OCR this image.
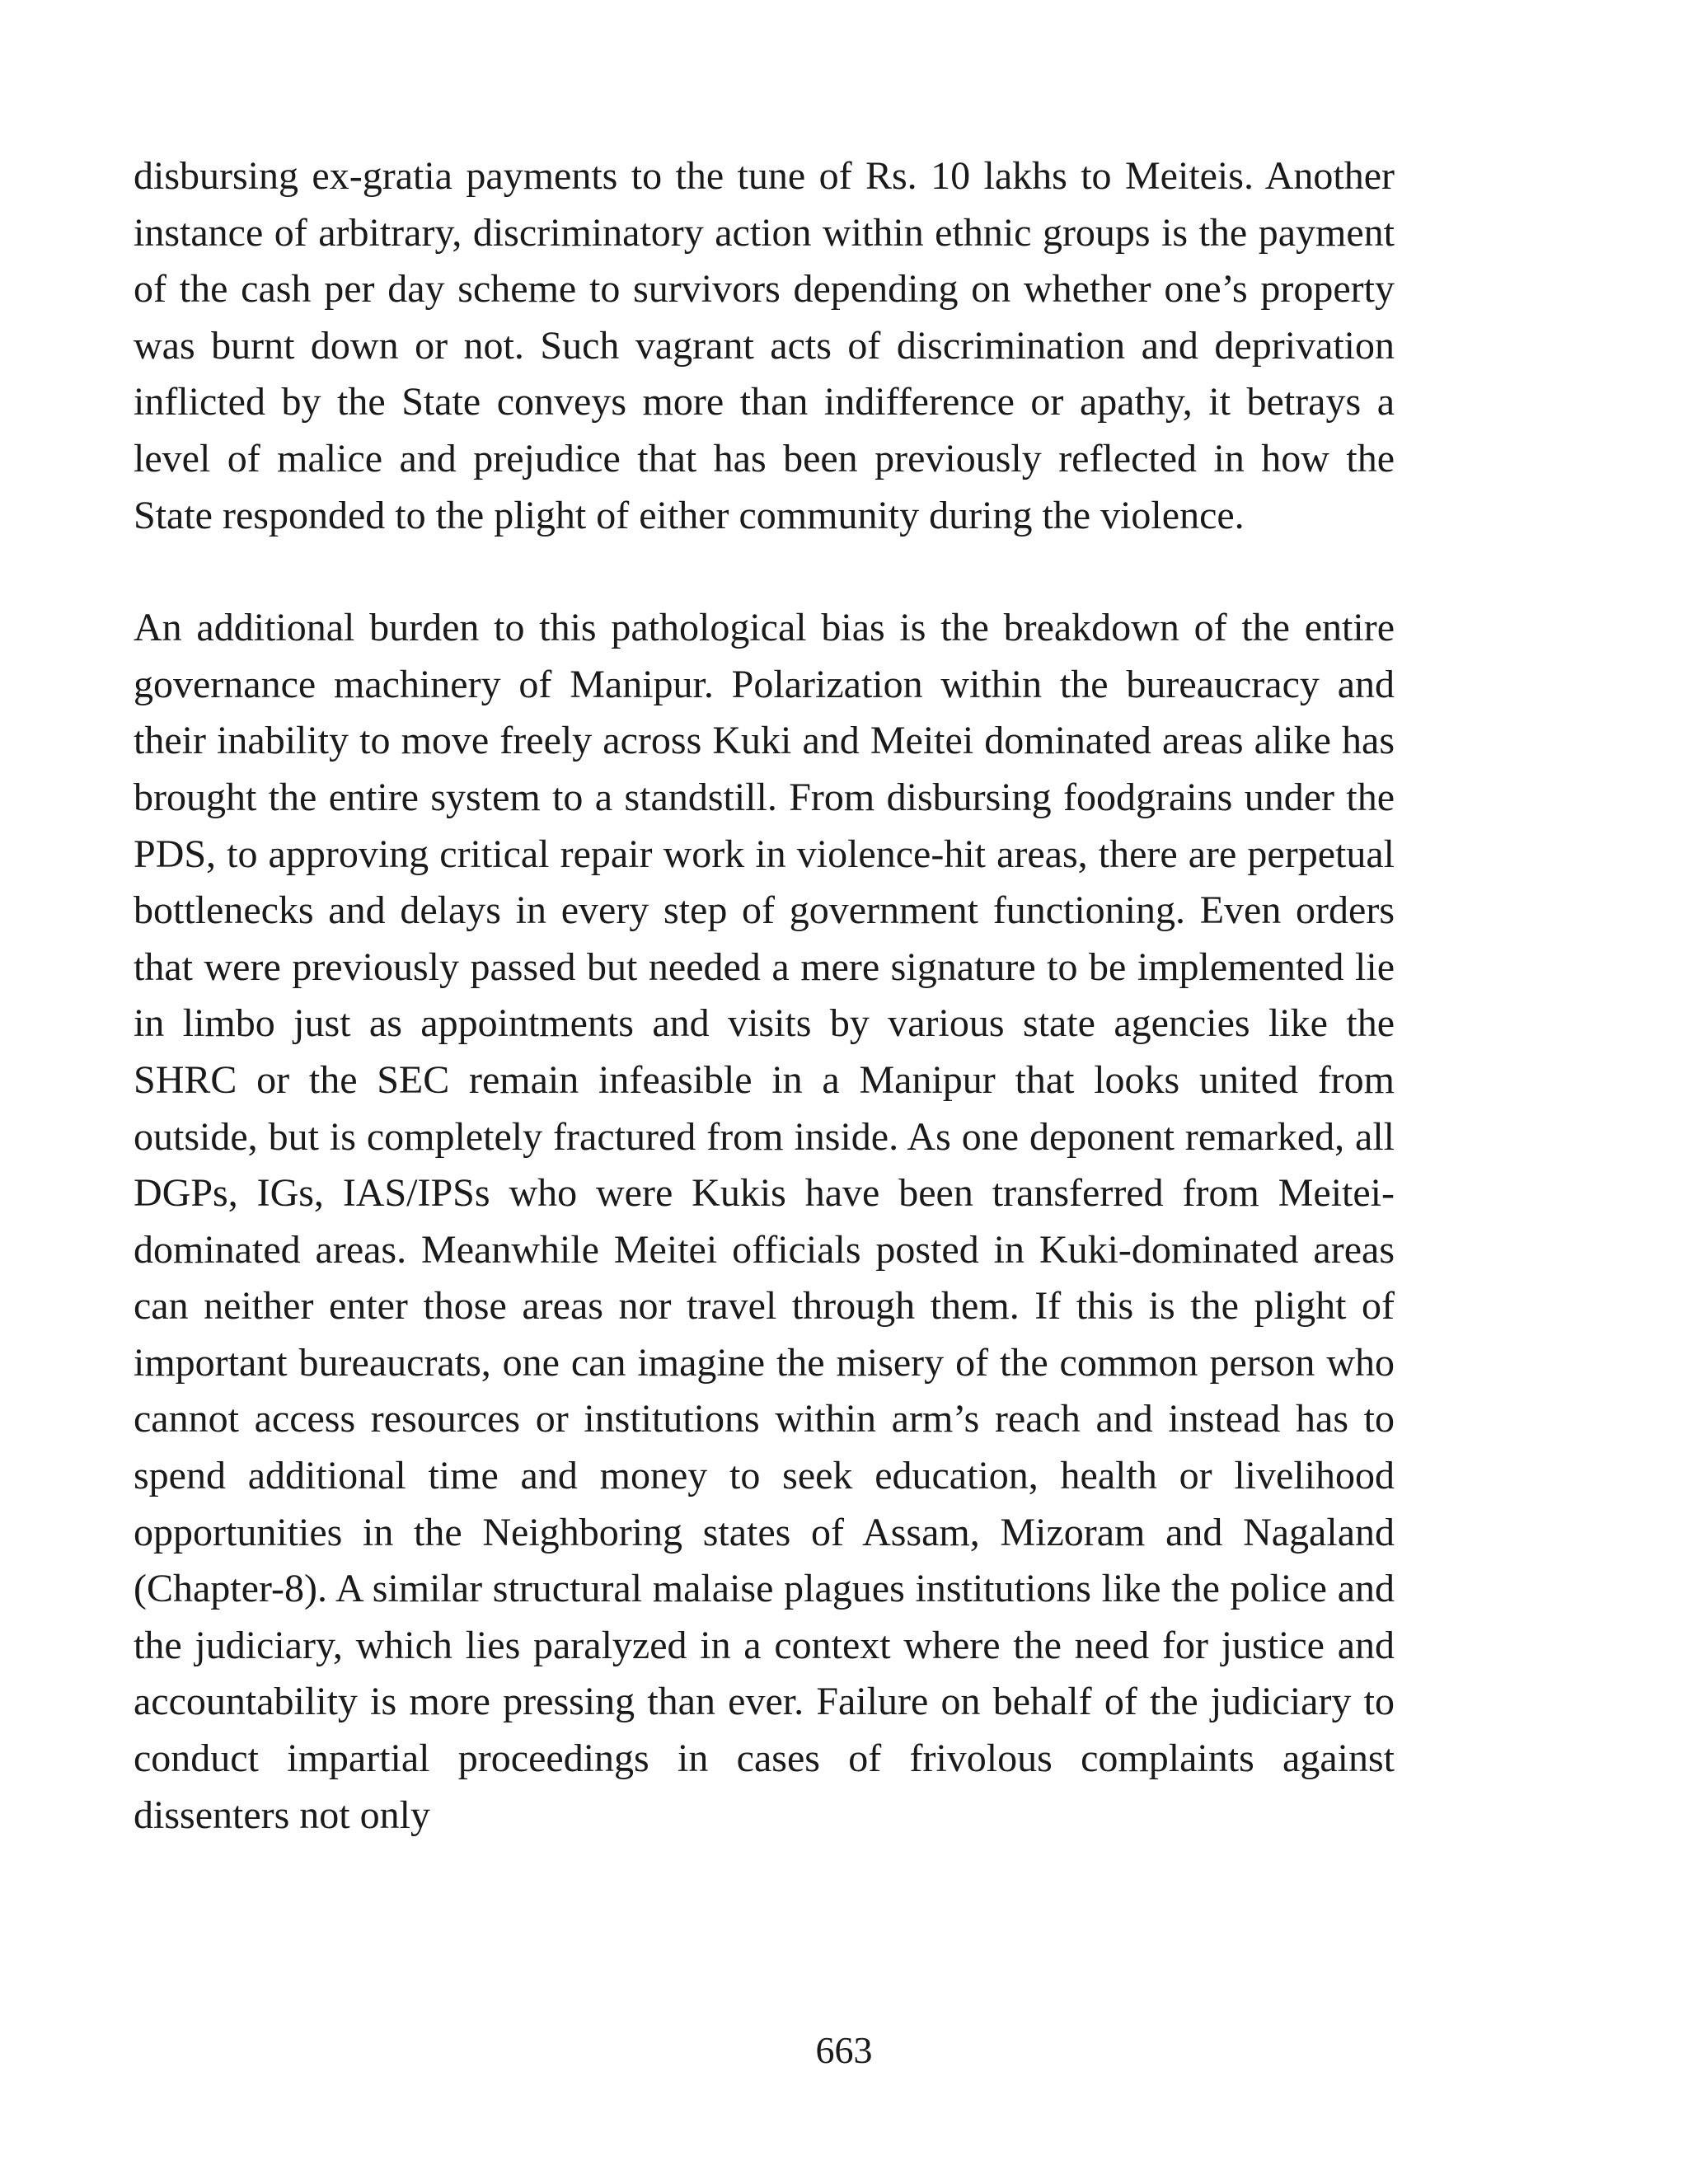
disbursing ex-gratia payments to the tune of Rs. 10 lakhs to Meiteis. Another instance of arbitrary, discriminatory action within ethnic groups is the payment of the cash per day scheme to survivors depending on whether one’s property was burnt down or not. Such vagrant acts of discrimination and deprivation inflicted by the State conveys more than indifference or apathy, it betrays a level of malice and prejudice that has been previously reflected in how the State responded to the plight of either community during the violence.

An additional burden to this pathological bias is the breakdown of the entire governance machinery of Manipur. Polarization within the bureaucracy and their inability to move freely across Kuki and Meitei dominated areas alike has brought the entire system to a standstill. From disbursing foodgrains under the PDS, to approving critical repair work in violence-hit areas, there are perpetual bottlenecks and delays in every step of government functioning. Even orders that were previously passed but needed a mere signature to be implemented lie in limbo just as appointments and visits by various state agencies like the SHRC or the SEC remain infeasible in a Manipur that looks united from outside, but is completely fractured from inside. As one deponent remarked, all DGPs, IGs, IAS/IPSs who were Kukis have been transferred from Meitei-dominated areas. Meanwhile Meitei officials posted in Kuki-dominated areas can neither enter those areas nor travel through them. If this is the plight of important bureaucrats, one can imagine the misery of the common person who cannot access resources or institutions within arm’s reach and instead has to spend additional time and money to seek education, health or livelihood opportunities in the Neighboring states of Assam, Mizoram and Nagaland (Chapter-8). A similar structural malaise plagues institutions like the police and the judiciary, which lies paralyzed in a context where the need for justice and accountability is more pressing than ever. Failure on behalf of the judiciary to conduct impartial proceedings in cases of frivolous complaints against dissenters not only

663
